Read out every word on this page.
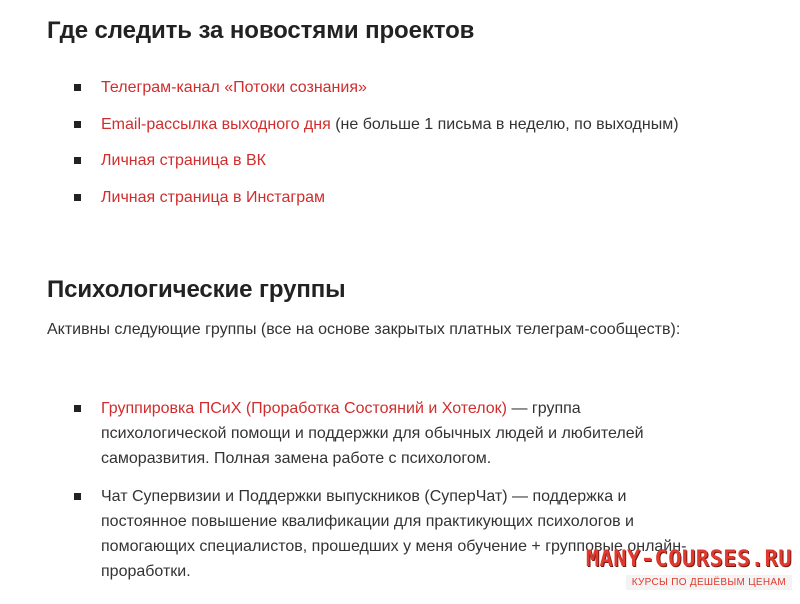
Где следить за новостями проектов
Телеграм-канал «Потоки сознания»
Email-рассылка выходного дня (не больше 1 письма в неделю, по выходным)
Личная страница в ВК
Личная страница в Инстаграм
Психологические группы

Активны следующие группы (все на основе закрытых платных телеграм-сообществ):

Группировка ПСиХ (Проработка Состояний и Хотелок) — группа психологической помощи и поддержки для обычных людей и любителей саморазвития. Полная замена работе с психологом.
Чат Супервизии и Поддержки выпускников (СуперЧат) — поддержка и постоянное повышение квалификации для практикующих психологов и помогающих специалистов, прошедших у меня обучение + групповые онлайн-проработки.	MANY-COURSES.RU
КУРСЫ ПО ДЕШЁВЫМ ЦЕНАМ
